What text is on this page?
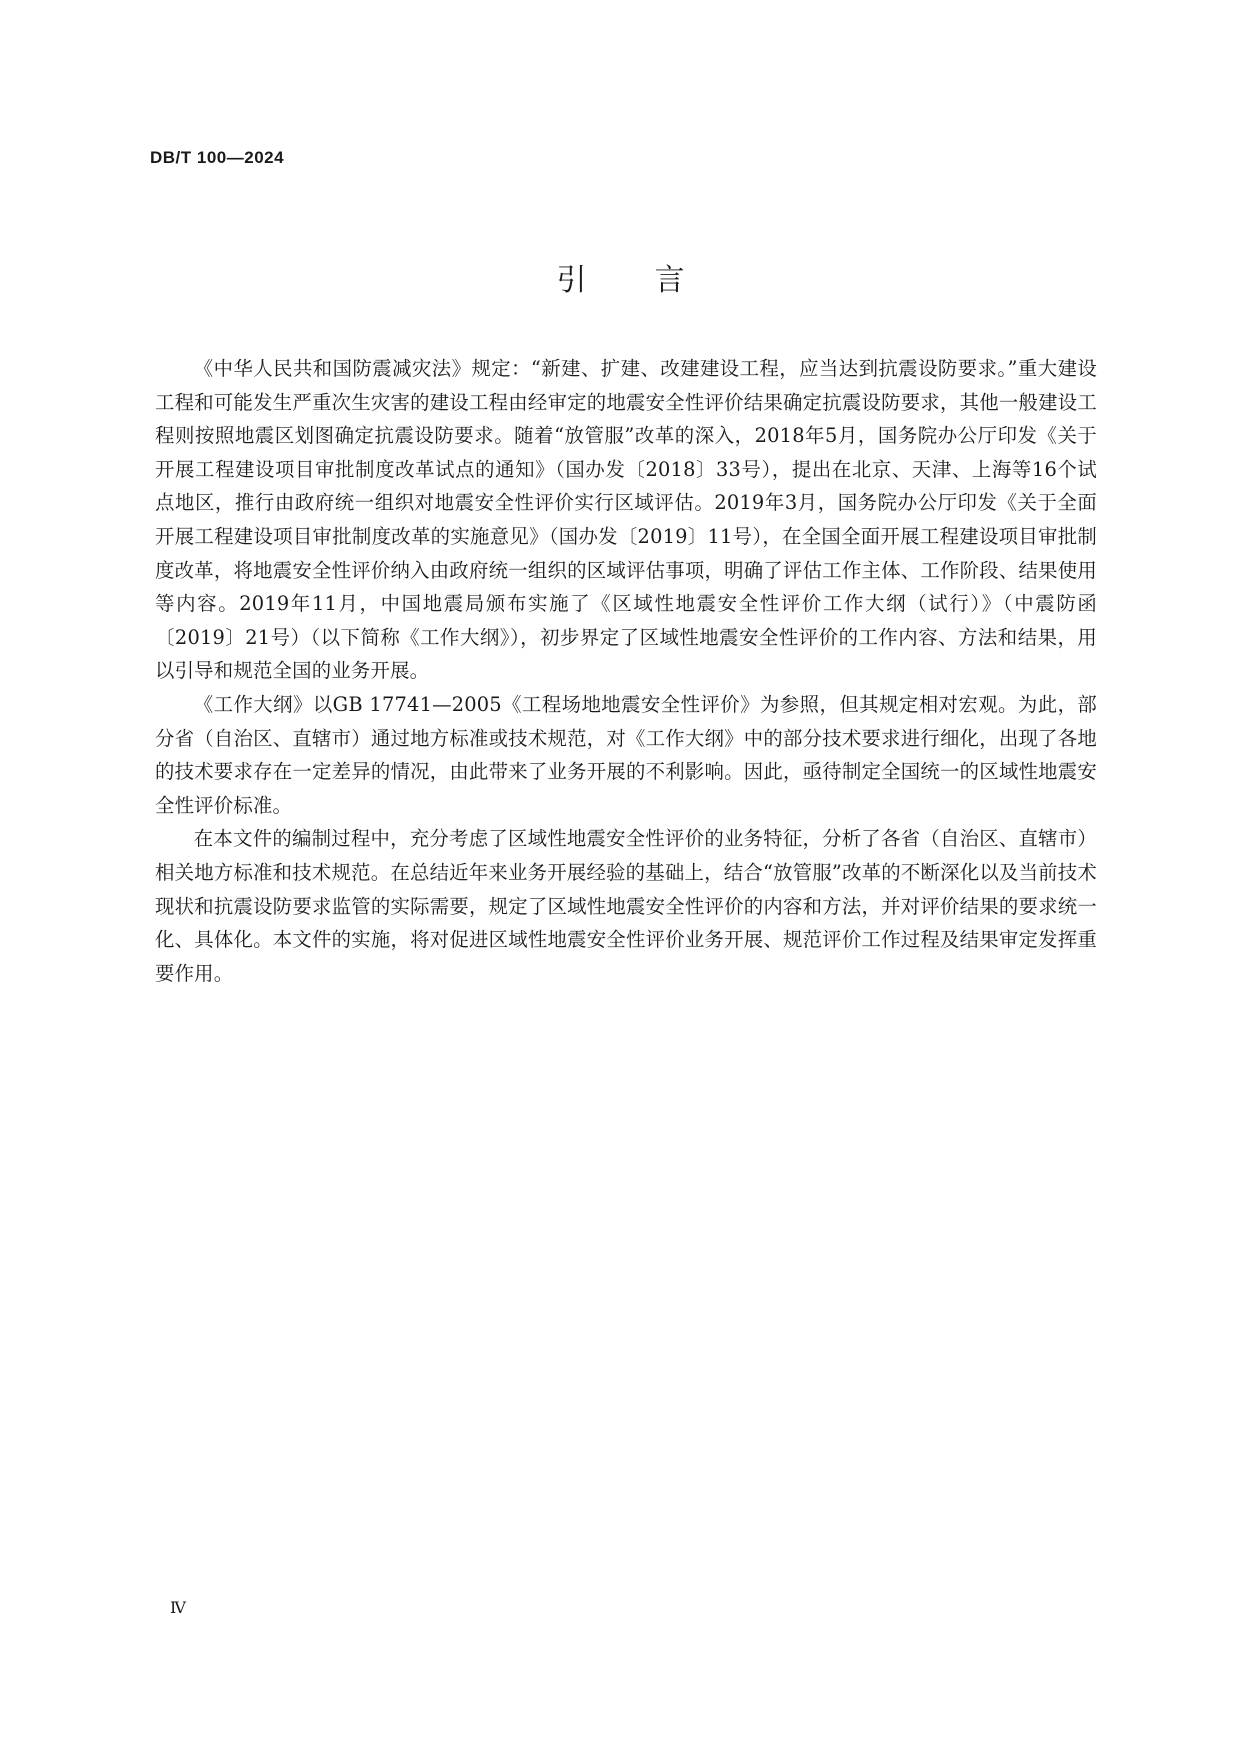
DB/T 100—2024
引 言

《中华人民共和国防震减灾法》规定：“新建、扩建、改建建设工程，应当达到抗震设防要求。”重大建设工程和可能发生严重次生灾害的建设工程由经审定的地震安全性评价结果确定抗震设防要求，其他一般建设工程则按照地震区划图确定抗震设防要求。随着“放管服”改革的深入，2018年5月，国务院办公厅印发《关于开展工程建设项目审批制度改革试点的通知》（国办发〔2018〕33号），提出在北京、天津、上海等16个试点地区，推行由政府统一组织对地震安全性评价实行区域评估。2019年3月，国务院办公厅印发《关于全面开展工程建设项目审批制度改革的实施意见》（国办发〔2019〕11号），在全国全面开展工程建设项目审批制度改革，将地震安全性评价纳入由政府统一组织的区域评估事项，明确了评估工作主体、工作阶段、结果使用等内容。2019年11月，中国地震局颁布实施了《区域性地震安全性评价工作大纲（试行）》（中震防函〔2019〕21号）（以下简称《工作大纲》），初步界定了区域性地震安全性评价的工作内容、方法和结果，用以引导和规范全国的业务开展。

《工作大纲》以GB 17741—2005《工程场地地震安全性评价》为参照，但其规定相对宏观。为此，部分省（自治区、直辖市）通过地方标准或技术规范，对《工作大纲》中的部分技术要求进行细化，出现了各地的技术要求存在一定差异的情况，由此带来了业务开展的不利影响。因此，亟待制定全国统一的区域性地震安全性评价标准。

在本文件的编制过程中，充分考虑了区域性地震安全性评价的业务特征，分析了各省（自治区、直辖市）相关地方标准和技术规范。在总结近年来业务开展经验的基础上，结合“放管服”改革的不断深化以及当前技术现状和抗震设防要求监管的实际需要，规定了区域性地震安全性评价的内容和方法，并对评价结果的要求统一化、具体化。本文件的实施，将对促进区域性地震安全性评价业务开展、规范评价工作过程及结果审定发挥重要作用。

Ⅳ
